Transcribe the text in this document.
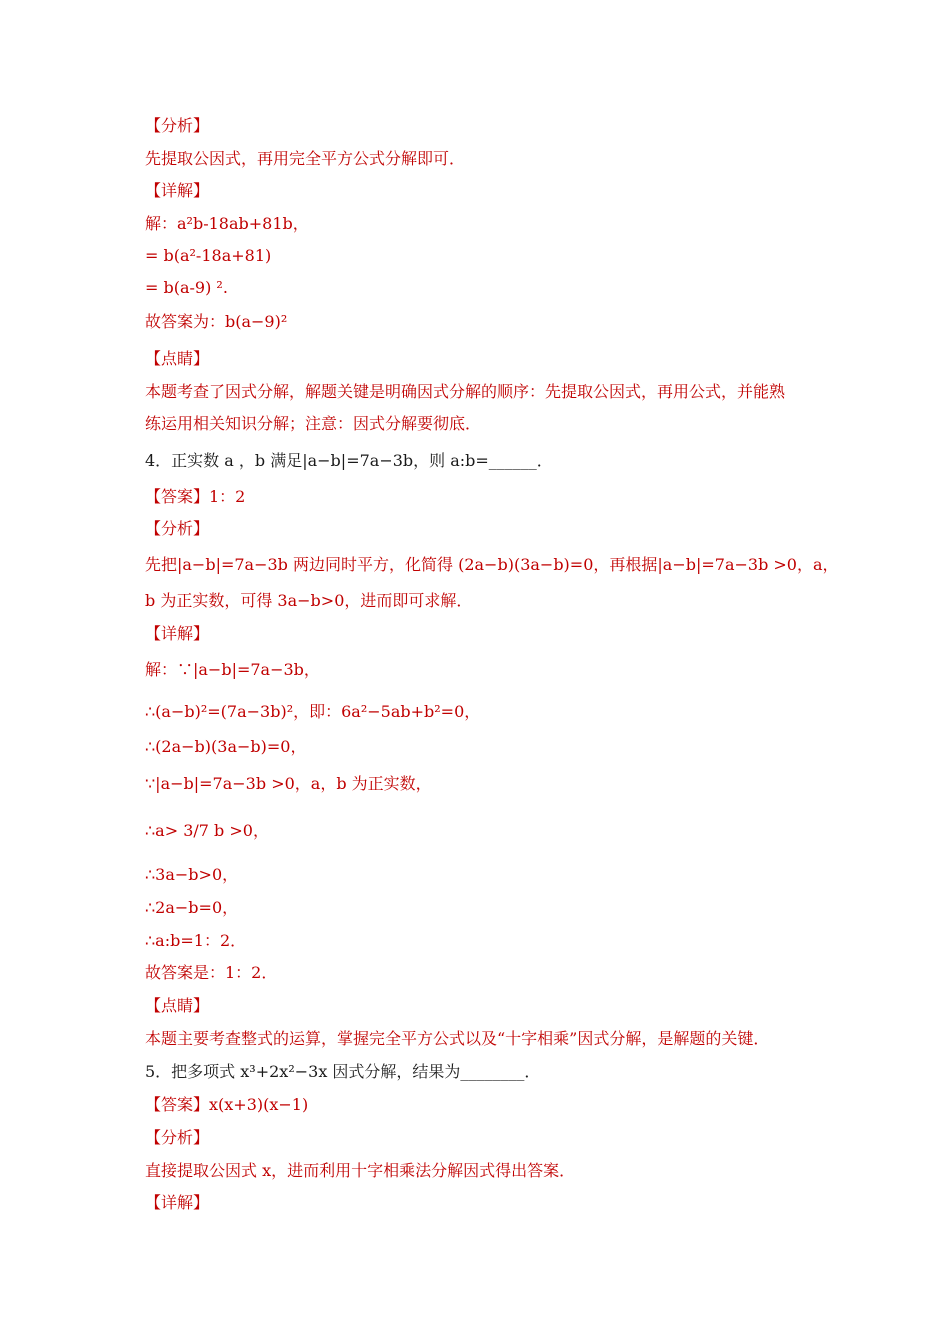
【分析】
先提取公因式，再用完全平方公式分解即可．
【详解】
解：a²b-18ab+81b，
= b(a²-18a+81)
= b(a-9) ².
故答案为：b(a−9)²
【点睛】
本题考查了因式分解，解题关键是明确因式分解的顺序：先提取公因式，再用公式，并能熟
练运用相关知识分解；注意：因式分解要彻底．
4．正实数 a ，b 满足|a−b|=7a−3b，则 a:b=______．
【答案】1：2
【分析】
先把|a−b|=7a−3b 两边同时平方，化简得 (2a−b)(3a−b)=0，再根据|a−b|=7a−3b >0，a，
b 为正实数，可得 3a−b>0，进而即可求解．
【详解】
解：∵|a−b|=7a−3b，
∴(a−b)²=(7a−3b)²，即：6a²−5ab+b²=0，
∴(2a−b)(3a−b)=0，
∵|a−b|=7a−3b >0，a，b 为正实数，
∴a> 3/7 b >0，
∴3a−b>0，
∴2a−b=0，
∴a:b=1：2．
故答案是：1：2．
【点睛】
本题主要考查整式的运算，掌握完全平方公式以及“十字相乘”因式分解，是解题的关键．
5．把多项式 x³+2x²−3x 因式分解，结果为________．
【答案】x(x+3)(x−1)
【分析】
直接提取公因式 x，进而利用十字相乘法分解因式得出答案．
【详解】
